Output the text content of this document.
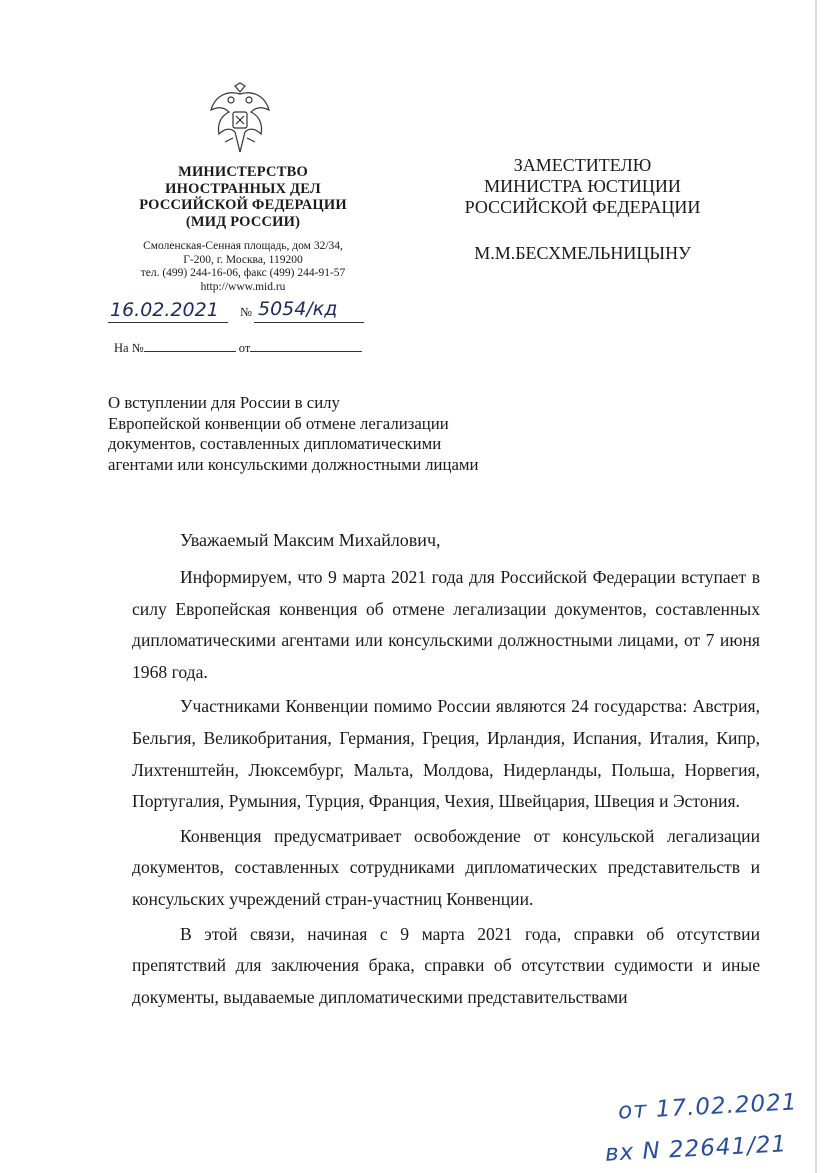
МИНИСТЕРСТВО
ИНОСТРАННЫХ ДЕЛ
РОССИЙСКОЙ ФЕДЕРАЦИИ
(МИД РОССИИ)
Смоленская-Сенная площадь, дом 32/34,
Г-200, г. Москва, 119200
тел. (499) 244-16-06, факс (499) 244-91-57
http://www.mid.ru
16.02.2021 № 5054/кд
На №	от
ЗАМЕСТИТЕЛЮ
МИНИСТРА ЮСТИЦИИ
РОССИЙСКОЙ ФЕДЕРАЦИИ
М.М.БЕСХМЕЛЬНИЦЫНУ
О вступлении для России в силу
Европейской конвенции об отмене легализации
документов, составленных дипломатическими
агентами или консульскими должностными лицами
Уважаемый Максим Михайлович,

Информируем, что 9 марта 2021 года для Российской Федерации вступает в силу Европейская конвенция об отмене легализации документов, составленных дипломатическими агентами или консульскими должностными лицами, от 7 июня 1968 года.

Участниками Конвенции помимо России являются 24 государства: Австрия, Бельгия, Великобритания, Германия, Греция, Ирландия, Испания, Италия, Кипр, Лихтенштейн, Люксембург, Мальта, Молдова, Нидерланды, Польша, Норвегия, Португалия, Румыния, Турция, Франция, Чехия, Швейцария, Швеция и Эстония.

Конвенция предусматривает освобождение от консульской легализации документов, составленных сотрудниками дипломатических представительств и консульских учреждений стран-участниц Конвенции.

В этой связи, начиная с 9 марта 2021 года, справки об отсутствии препятствий для заключения брака, справки об отсутствии судимости и иные документы, выдаваемые дипломатическими представительствами

от 17.02.2021
вх N 22641/21
